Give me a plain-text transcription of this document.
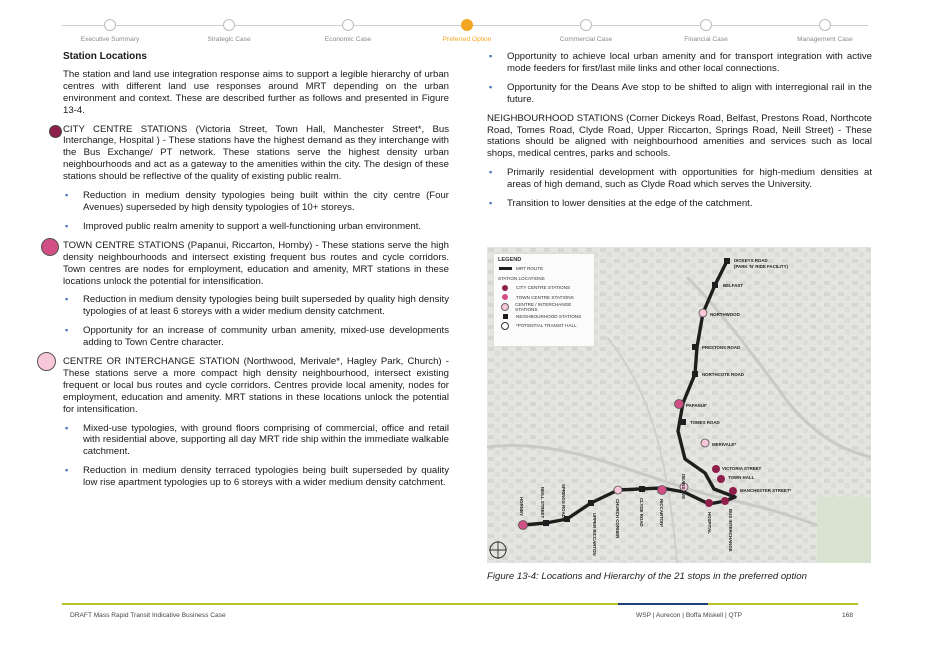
Executive Summary	Strategic Case	Economic Case	Preferred Option	Commercial Case	Financial Case	Management Case
Station Locations

The station and land use integration response aims to support a legible hierarchy of urban centres with different land use responses around MRT depending on the urban environment and context. These are described further as follows and presented in Figure 13-4.

CITY CENTRE STATIONS (Victoria Street, Town Hall, Manchester Street*, Bus Interchange, Hospital ) - These stations have the highest demand as they interchange with the Bus Exchange/ PT network. These stations serve the highest density urban neighbourhoods and act as a gateway to the amenities within the city. The design of these stations should be reflective of the quality of existing public realm.

▪ Reduction in medium density typologies being built within the city centre (Four Avenues) superseded by high density typologies of 10+ storeys.
▪ Improved public realm amenity to support a well-functioning urban environment.

TOWN CENTRE STATIONS (Papanui, Riccarton, Hornby) - These stations serve the high density neighbourhoods and intersect existing frequent bus routes and cycle corridors. Town centres are nodes for employment, education and amenity, MRT stations in these locations unlock the potential for intensification.

▪ Reduction in medium density typologies being built superseded by quality high density typologies of at least 6 storeys with a wider medium density catchment.
▪ Opportunity for an increase of community urban amenity, mixed-use developments adding to Town Centre character.

CENTRE OR INTERCHANGE STATION (Northwood, Merivale*, Hagley Park, Church) - These stations serve a more compact high density neighbourhood, intersect existing frequent or local bus routes and cycle corridors. Centres provide local amenity, nodes for employment, education and amenity. MRT stations in these locations unlock the potential for intensification.

▪ Mixed-use typologies, with ground floors comprising of commercial, office and retail with residential above, supporting all day MRT ride ship within the immediate walkable catchment.
▪ Reduction in medium density terraced typologies being built superseded by quality low rise apartment typologies up to 6 storeys with a wider medium density catchment.
▪ Opportunity to achieve local urban amenity and for transport integration with active mode feeders for first/last mile links and other local connections.
▪ Opportunity for the Deans Ave stop to be shifted to align with interregional rail in the future.

NEIGHBOURHOOD STATIONS (Corner Dickeys Road, Belfast, Prestons Road, Northcote Road, Tomes Road, Clyde Road, Upper Riccarton, Springs Road, Neill Street) - These stations should be aligned with neighbourhood amenities and services such as local shops, medical centres, parks and schools.

▪ Primarily residential development with opportunities for high-medium densities at areas of high demand, such as Clyde Road which serves the University.
▪ Transition to lower densities at the edge of the catchment.
DICKEYS ROAD
(PARK 'N' RIDE FACILITY)
BELFAST
NORTHWOOD
PRESTONS ROAD
NORTHCOTE ROAD
PAPANUI*
TOMES ROAD
MERIVALE*
VICTORIA STREET
TOWN HALL
MANCHESTER STREET*
HORNBY	NEILL STREET	SPRINGS ROAD
UPPER RICCARTON	CHURCH CORNER	CLYDE ROAD	RICCARTON*
DEANS AVE
HOSPITAL	BUS INTERCHANGE
LEGEND
MRT ROUTE
STATION LOCATIONS
CITY CENTRE STATIONS
TOWN CENTRE STATIONS
CENTRE / INTERCHANGE STATIONS
NEIGHBOURHOOD STATIONS
*POTENTIAL TRANSIT HALL
Figure 13-4: Locations and Hierarchy of the 21 stops in the preferred option
DRAFT Mass Rapid Transit Indicative Business Case	WSP | Aurecon | Boffa Miskell | QTP	168
